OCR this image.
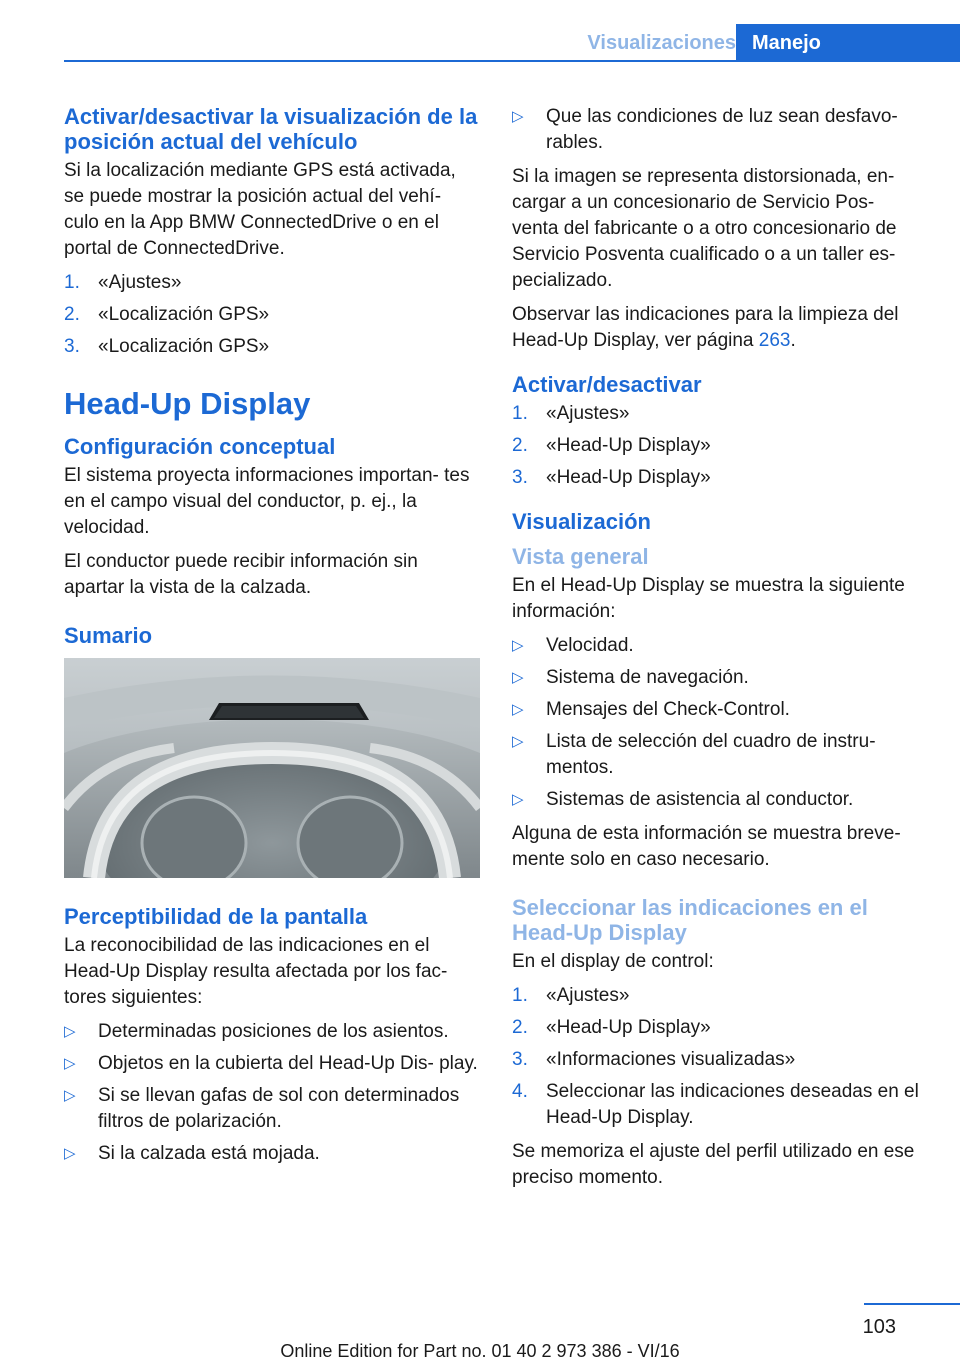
Visualizaciones Manejo
Activar/desactivar la visualización de la posición actual del vehículo
Si la localización mediante GPS está activada, se puede mostrar la posición actual del vehí‐ culo en la App BMW ConnectedDrive o en el portal de ConnectedDrive.
1. «Ajustes»
2. «Localización GPS»
3. «Localización GPS»
Head-Up Display
Configuración conceptual
El sistema proyecta informaciones importan‐ tes en el campo visual del conductor, p. ej., la velocidad.
El conductor puede recibir información sin apartar la vista de la calzada.
Sumario
Perceptibilidad de la pantalla
La reconocibilidad de las indicaciones en el Head-Up Display resulta afectada por los fac‐ tores siguientes:
▷ Determinadas posiciones de los asientos.
▷ Objetos en la cubierta del Head-Up Dis‐ play.
▷ Si se llevan gafas de sol con determinados filtros de polarización.
▷ Si la calzada está mojada.
▷ Que las condiciones de luz sean desfavo‐ rables.
Si la imagen se representa distorsionada, en‐ cargar a un concesionario de Servicio Pos‐ venta del fabricante o a otro concesionario de Servicio Posventa cualificado o a un taller es‐ pecializado.
Observar las indicaciones para la limpieza del Head-Up Display, ver página 263.
Activar/desactivar
1. «Ajustes»
2. «Head-Up Display»
3. «Head-Up Display»
Visualización
Vista general
En el Head-Up Display se muestra la siguiente información:
▷ Velocidad.
▷ Sistema de navegación.
▷ Mensajes del Check-Control.
▷ Lista de selección del cuadro de instru‐ mentos.
▷ Sistemas de asistencia al conductor.
Alguna de esta información se muestra breve‐ mente solo en caso necesario.
Seleccionar las indicaciones en el Head-Up Display
En el display de control:
1. «Ajustes»
2. «Head-Up Display»
3. «Informaciones visualizadas»
4. Seleccionar las indicaciones deseadas en el Head-Up Display.
Se memoriza el ajuste del perfil utilizado en ese preciso momento.
103
Online Edition for Part no. 01 40 2 973 386 - VI/16
